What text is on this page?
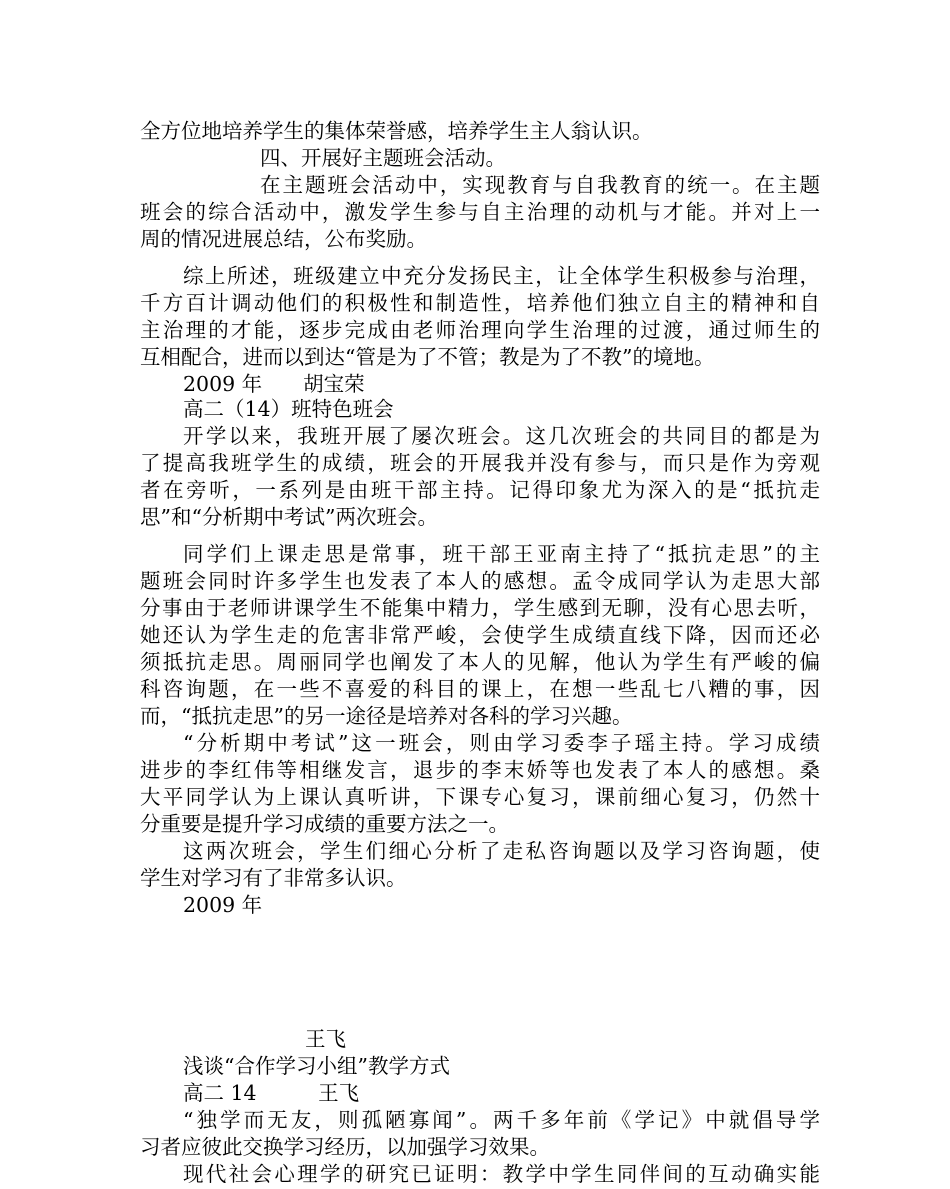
全方位地培养学生的集体荣誉感，培养学生主人翁认识。
四、开展好主题班会活动。
在主题班会活动中，实现教育与自我教育的统一。在主题
班会的综合活动中，激发学生参与自主治理的动机与才能。并对上一
周的情况进展总结，公布奖励。
综上所述，班级建立中充分发扬民主，让全体学生积极参与治理，
千方百计调动他们的积极性和制造性，培养他们独立自主的精神和自
主治理的才能，逐步完成由老师治理向学生治理的过渡，通过师生的
互相配合，进而以到达“管是为了不管；教是为了不教”的境地。
2009 年　　胡宝荣
高二（14）班特色班会
开学以来，我班开展了屡次班会。这几次班会的共同目的都是为
了提高我班学生的成绩，班会的开展我并没有参与，而只是作为旁观
者在旁听，一系列是由班干部主持。记得印象尤为深入的是“抵抗走
思”和“分析期中考试”两次班会。
同学们上课走思是常事，班干部王亚南主持了“抵抗走思”的主
题班会同时许多学生也发表了本人的感想。孟令成同学认为走思大部
分事由于老师讲课学生不能集中精力，学生感到无聊，没有心思去听，
她还认为学生走的危害非常严峻，会使学生成绩直线下降，因而还必
须抵抗走思。周丽同学也阐发了本人的见解，他认为学生有严峻的偏
科咨询题，在一些不喜爱的科目的课上，在想一些乱七八糟的事，因
而，“抵抗走思”的另一途径是培养对各科的学习兴趣。
“分析期中考试”这一班会，则由学习委李子瑶主持。学习成绩
进步的李红伟等相继发言，退步的李末娇等也发表了本人的感想。桑
大平同学认为上课认真听讲，下课专心复习，课前细心复习，仍然十
分重要是提升学习成绩的重要方法之一。
这两次班会，学生们细心分析了走私咨询题以及学习咨询题，使
学生对学习有了非常多认识。
2009 年
王飞
浅谈“合作学习小组”教学方式
高二 14　　　王飞
“独学而无友，则孤陋寡闻”。两千多年前《学记》中就倡导学
习者应彼此交换学习经历，以加强学习效果。
现代社会心理学的研究已证明：教学中学生同伴间的互动确实能
